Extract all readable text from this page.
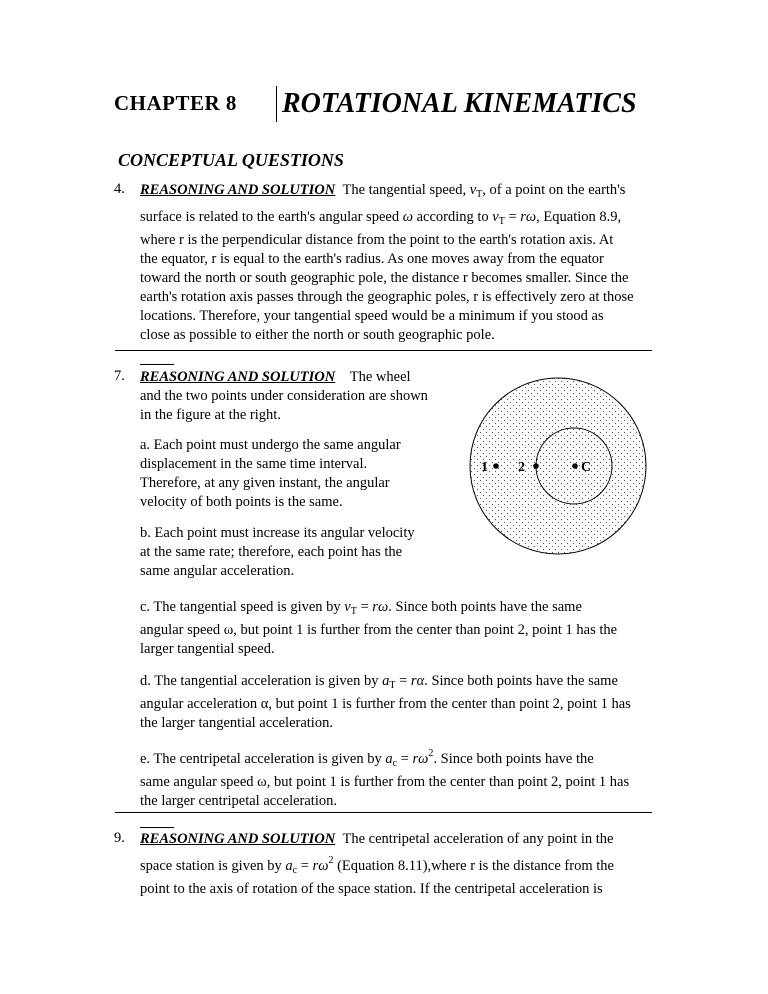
CHAPTER 8 ROTATIONAL KINEMATICS
CONCEPTUAL QUESTIONS
4. REASONING AND SOLUTION The tangential speed, $v_T$, of a point on the earth's
surface is related to the earth's angular speed ω according to $v_T = r\omega$, Equation 8.9,
where r is the perpendicular distance from the point to the earth's rotation axis. At
the equator, r is equal to the earth's radius. As one moves away from the equator
toward the north or south geographic pole, the distance r becomes smaller. Since the
earth's rotation axis passes through the geographic poles, r is effectively zero at those
locations. Therefore, your tangential speed would be a minimum if you stood as
close as possible to either the north or south geographic pole.
7. REASONING AND SOLUTION The wheel
and the two points under consideration are shown
in the figure at the right.
a. Each point must undergo the same angular
displacement in the same time interval.
Therefore, at any given instant, the angular
velocity of both points is the same.
1 2	C
b. Each point must increase its angular velocity
at the same rate; therefore, each point has the
same angular acceleration.
c. The tangential speed is given by $v_T = r\omega$. Since both points have the same
angular speed ω, but point 1 is further from the center than point 2, point 1 has the
larger tangential speed.
d. The tangential acceleration is given by $a_T = r\alpha$. Since both points have the same
angular acceleration α, but point 1 is further from the center than point 2, point 1 has
the larger tangential acceleration.
e. The centripetal acceleration is given by $a_c = r\omega^2$. Since both points have the
same angular speed ω, but point 1 is further from the center than point 2, point 1 has
the larger centripetal acceleration.
9. REASONING AND SOLUTION The centripetal acceleration of any point in the
space station is given by $a_c = r\omega^2$ (Equation 8.11),where r is the distance from the
point to the axis of rotation of the space station. If the centripetal acceleration is
